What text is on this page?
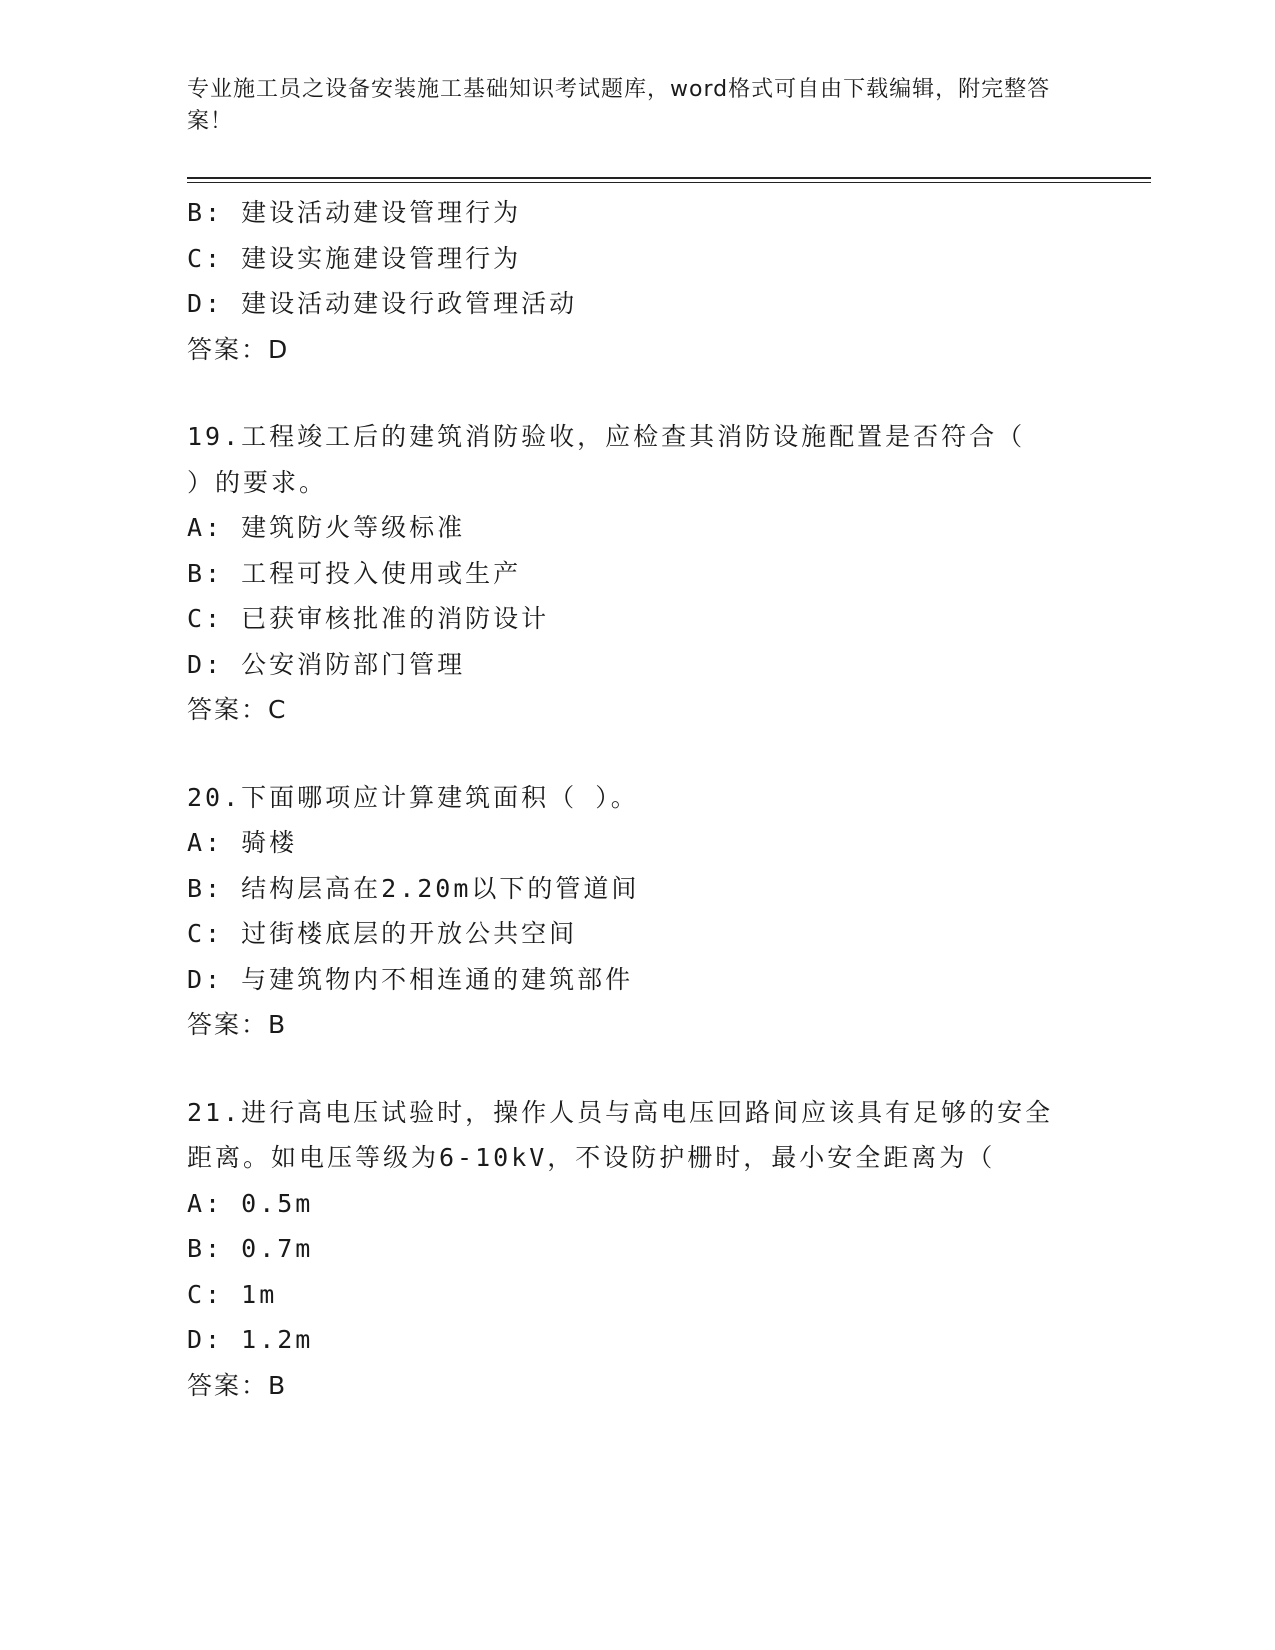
专业施工员之设备安装施工基础知识考试题库，word格式可自由下载编辑，附完整答案！

B: 建设活动建设管理行为
C: 建设实施建设管理行为
D: 建设活动建设行政管理活动
答案：D
19.工程竣工后的建筑消防验收，应检查其消防设施配置是否符合（
）的要求。
A: 建筑防火等级标准
B: 工程可投入使用或生产
C: 已获审核批准的消防设计
D: 公安消防部门管理
答案：C
20.下面哪项应计算建筑面积（ ）。
A: 骑楼
B: 结构层高在2.20m以下的管道间
C: 过街楼底层的开放公共空间
D: 与建筑物内不相连通的建筑部件
答案：B
21.进行高电压试验时，操作人员与高电压回路间应该具有足够的安全
距离。如电压等级为6-10kV，不设防护栅时，最小安全距离为（
A: 0.5m
B: 0.7m
C: 1m
D: 1.2m
答案：B
